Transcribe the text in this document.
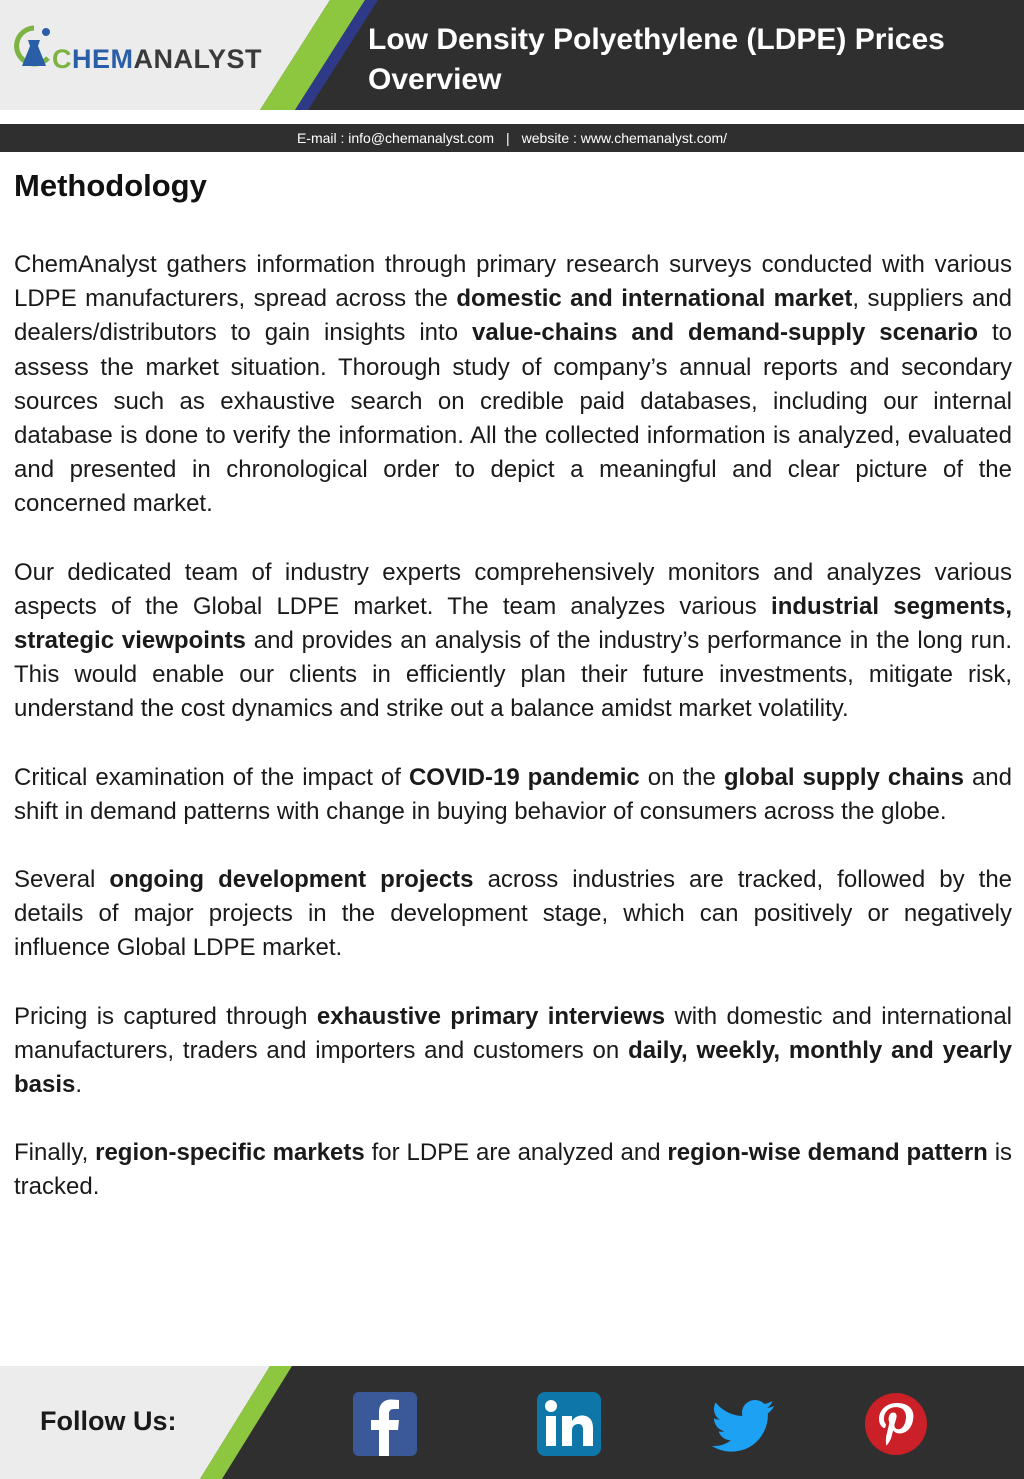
CHEMANALYST
Low Density Polyethylene (LDPE) Prices Overview
E-mail : info@chemanalyst.com | website : www.chemanalyst.com/
Methodology

ChemAnalyst gathers information through primary research surveys conducted with various LDPE manufacturers, spread across the domestic and international market, suppliers and dealers/distributors to gain insights into value-chains and demand-supply scenario to assess the market situation. Thorough study of company’s annual reports and secondary sources such as exhaustive search on credible paid databases, including our internal database is done to verify the information. All the collected information is analyzed, evaluated and presented in chronological order to depict a meaningful and clear picture of the concerned market.

Our dedicated team of industry experts comprehensively monitors and analyzes various aspects of the Global LDPE market. The team analyzes various industrial segments, strategic viewpoints and provides an analysis of the industry’s performance in the long run. This would enable our clients in efficiently plan their future investments, mitigate risk, understand the cost dynamics and strike out a balance amidst market volatility.

Critical examination of the impact of COVID-19 pandemic on the global supply chains and shift in demand patterns with change in buying behavior of consumers across the globe.

Several ongoing development projects across industries are tracked, followed by the details of major projects in the development stage, which can positively or negatively influence Global LDPE market.

Pricing is captured through exhaustive primary interviews with domestic and international manufacturers, traders and importers and customers on daily, weekly, monthly and yearly basis.

Finally, region-specific markets for LDPE are analyzed and region-wise demand pattern is tracked.

Follow Us:
